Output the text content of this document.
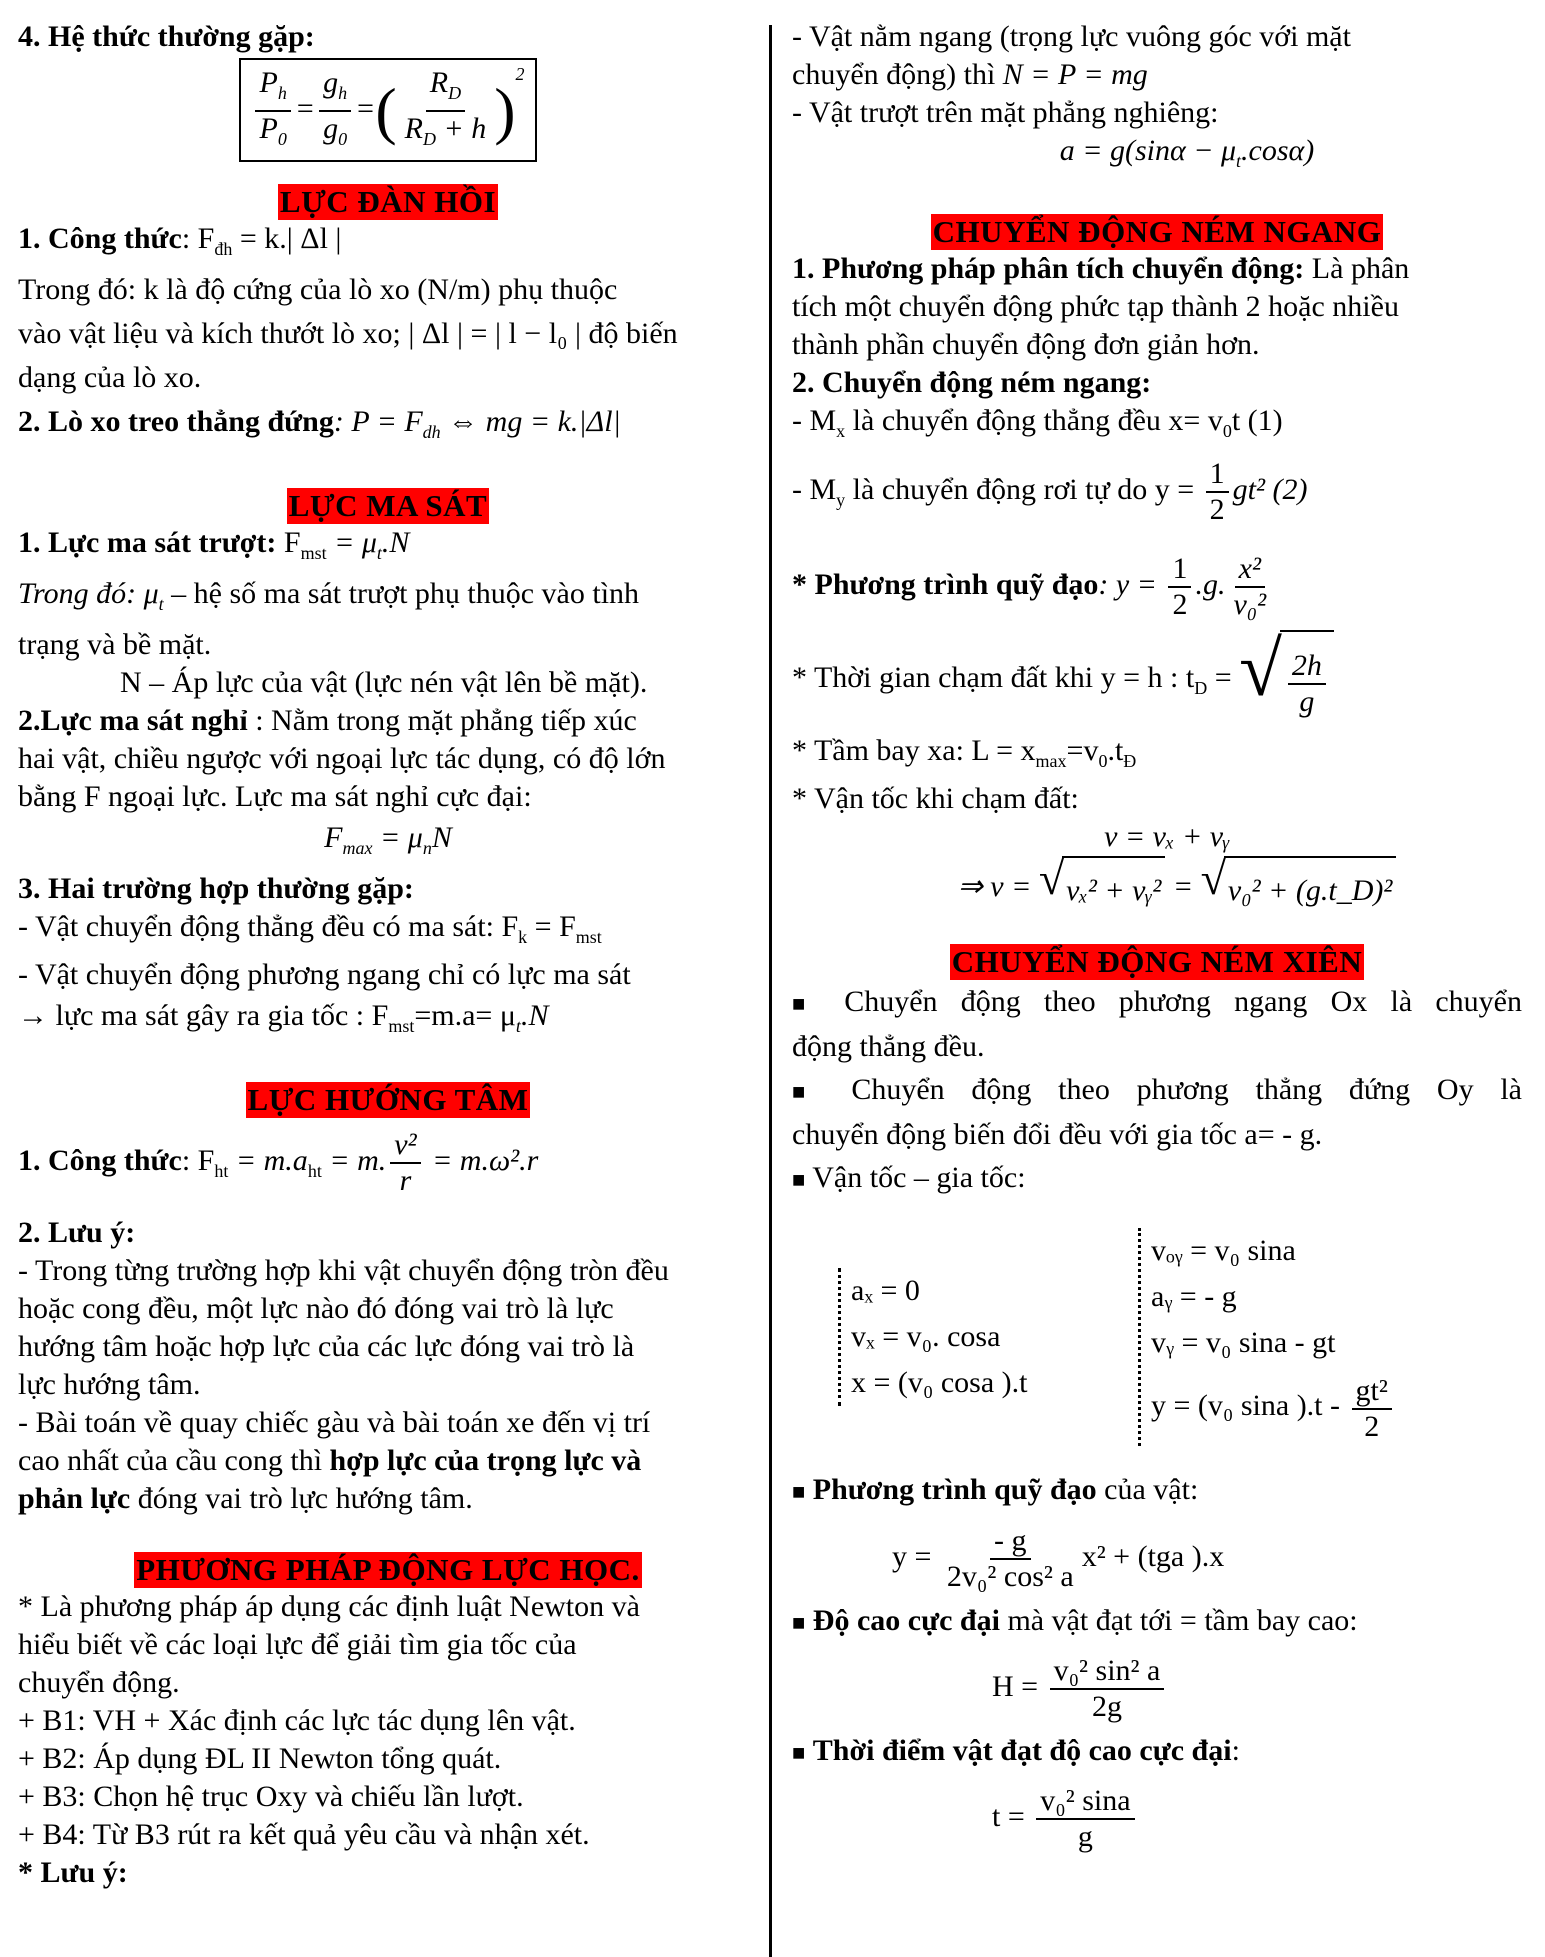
4. Hệ thức thường gặp:
$\frac{P_h}{P_0} = \frac{g_h}{g_0}$ =( $\frac{R_D}{R_D + h} )^2$
LỰC ĐÀN HỒI
1. Công thức: $F_{đh} = k.|$ Δl |
Trong đó: k là độ cứng của lò xo (N/m) phụ thuộc
vào vật liệu và kích thướt lò xo; | Δl | = | l − l₀ | độ biến
dạng của lò xo.
2. Lò xo treo thẳng đứng: $P = F_{dh}$ ⇔ mg = k.|Δl|
LỰC MA SÁT
1. Lực ma sát trượt: $F_{mst} = \mu_t.N$
Trong đó: $\mu_t$ – hệ số ma sát trượt phụ thuộc vào tình
trạng và bề mặt.
N – Áp lực của vật (lực nén vật lên bề mặt).
2.Lực ma sát nghỉ : Nằm trong mặt phẳng tiếp xúc
hai vật, chiều ngược với ngoại lực tác dụng, có độ lớn
bằng F ngoại lực. Lực ma sát nghỉ cực đại:
$F_{max} = \mu_nN$
3. Hai trường hợp thường gặp:
- Vật chuyển động thẳng đều có ma sát: $F_k = F_{mst}$
- Vật chuyển động phương ngang chỉ có lực ma sát
→ lực ma sát gây ra gia tốc : $F_{mst}=m.a= \mu_t.N$
LỰC HƯỚNG TÂM
1. Công thức: $F_{ht} = m.a_{ht} = m$. $\frac{\text{v²}}{r} = m.\omega^2.r$
2. Lưu ý:
- Trong từng trường hợp khi vật chuyển động tròn đều
hoặc cong đều, một lực nào đó đóng vai trò là lực
hướng tâm hoặc hợp lực của các lực đóng vai trò là
lực hướng tâm.
- Bài toán về quay chiếc gàu và bài toán xe đến vị trí
cao nhất của cầu cong thì hợp lực của trọng lực và
phản lực đóng vai trò lực hướng tâm.
PHƯƠNG PHÁP ĐỘNG LỰC HỌC.
* Là phương pháp áp dụng các định luật Newton và
hiểu biết về các loại lực để giải tìm gia tốc của
chuyển động.
+ B1: VH + Xác định các lực tác dụng lên vật.
+ B2: Áp dụng ĐL II Newton tổng quát.
+ B3: Chọn hệ trục Oxy và chiếu lần lượt.
+ B4: Từ B3 rút ra kết quả yêu cầu và nhận xét.
* Lưu ý:
- Vật nằm ngang (trọng lực vuông góc với mặt
chuyển động) thì N = P = mg
- Vật trượt trên mặt phẳng nghiêng:
$a = g(\sin\alpha - \mu_t.\cos\alpha)$
CHUYỂN ĐỘNG NÉM NGANG
1. Phương pháp phân tích chuyển động: Là phân
tích một chuyển động phức tạp thành 2 hoặc nhiều
thành phần chuyển động đơn giản hơn.
2. Chuyển động ném ngang:
- $M_x$ là chuyển động thẳng đều $x= v_0t$ (1)
- $M_y$ là chuyển động rơi tự do $y = \frac{1}{2} gt^2$ (2)
* Phương trình quỹ đạo: $y = \frac{1}{2} .g$. $\frac{\text{x²}}{\text{v₀²}}$
* Thời gian chạm đất khi y = h : $t_D$ = √ $\frac{2h}{g}$
* Tầm bay xa: $L = x_{max}=v_0.t_Đ$
* Vận tốc khi chạm đất:
v = vₓ + vᵧ
⇒ v = √ vₓ² + vᵧ² = √ v₀² + (g.t_D)²
CHUYỂN ĐỘNG NÉM XIÊN
■ Chuyển động theo phương ngang Ox là chuyển
động thẳng đều.
■ Chuyển động theo phương thẳng đứng Oy là
chuyển động biến đổi đều với gia tốc a= - g.
■ Vận tốc – gia tốc:
aₓ = 0
vₓ = v₀. cosa
x = (v₀ cosa ).t
vₒᵧ = v₀ sina
aᵧ = - g
vᵧ = v₀ sina - gt
y = (v₀ sina )$.t - \frac{\text{gt²}}{2}$
■ Phương trình quỹ đạo của vật:
$y = \frac{- g}{\text{2v₀² cos² a}} x^2 + (tga$ ).x
■ Độ cao cực đại mà vật đạt tới = tầm bay cao:
$H = \frac{\text{v₀² sin² a}}{2g}$
■ Thời điểm vật đạt độ cao cực đại:
$t = \frac{\text{v₀² sina}}{g}$
